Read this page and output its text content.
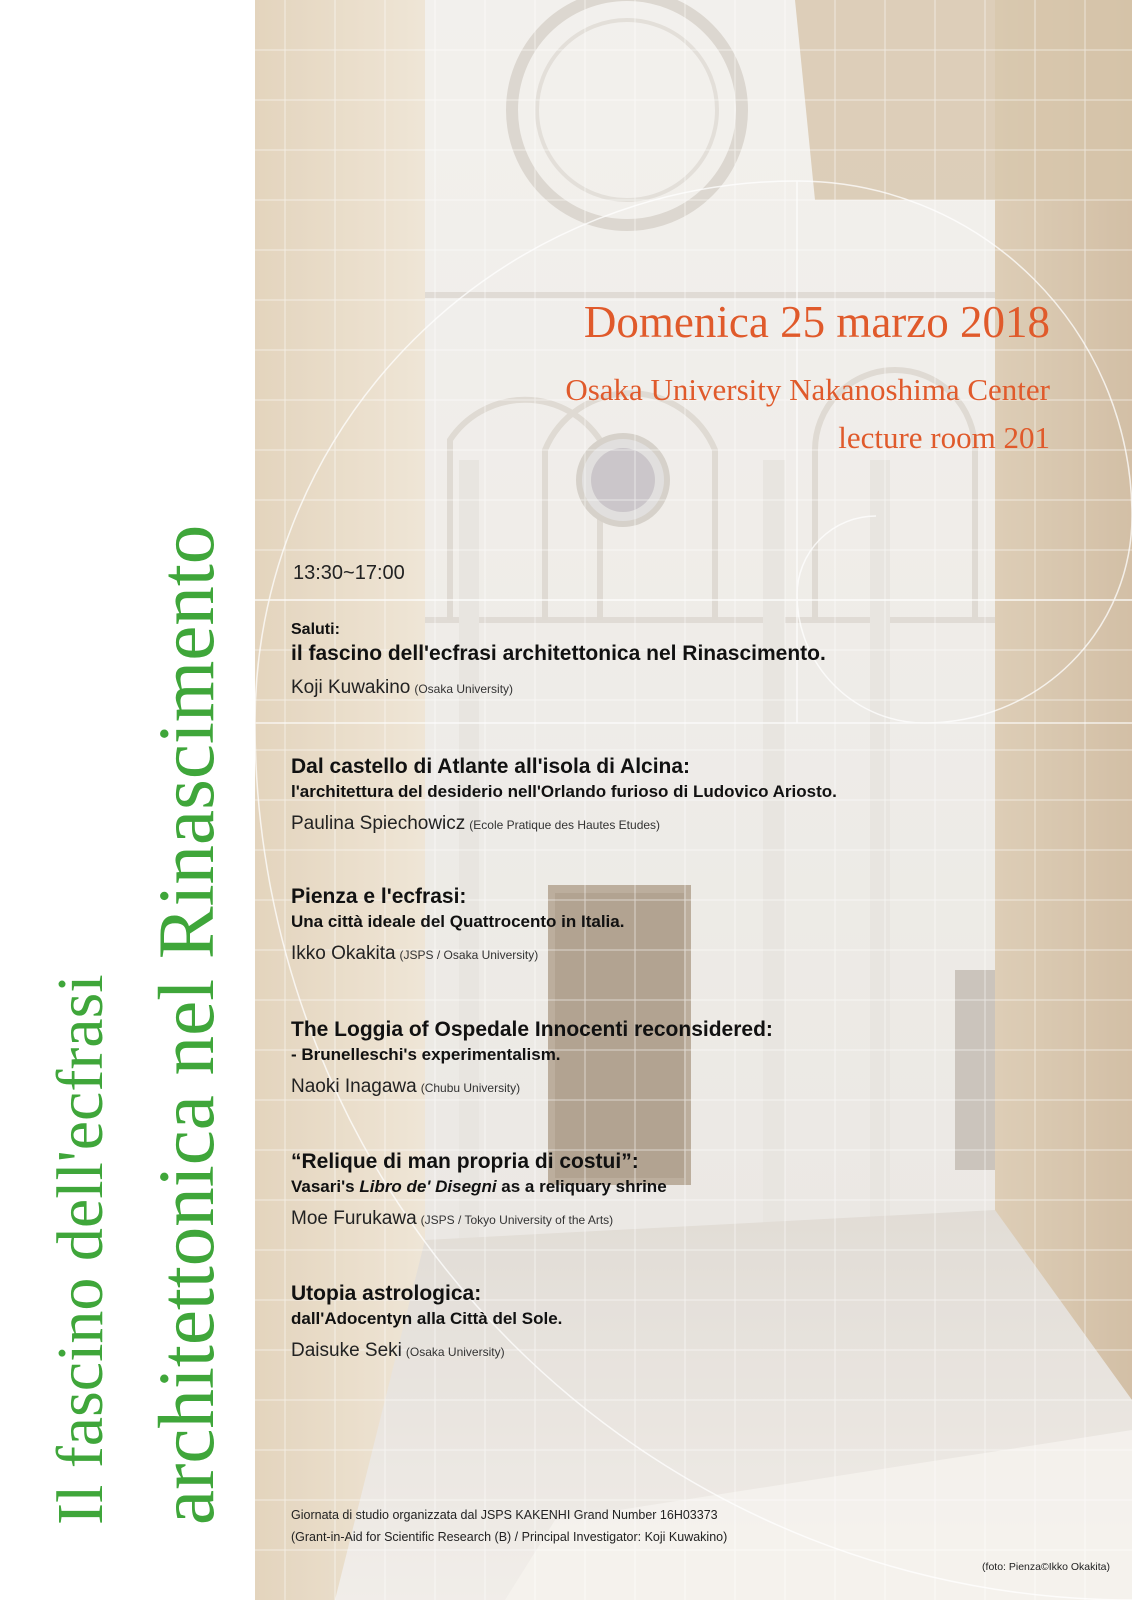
Il fascino dell'ecfrasi architettonica nel Rinascimento
Domenica 25 marzo 2018
Osaka University Nakanoshima Center
lecture room 201
13:30~17:00
Saluti:
il fascino dell'ecfrasi architettonica nel Rinascimento.
Koji Kuwakino (Osaka University)
Dal castello di Atlante all'isola di Alcina:
l'architettura del desiderio nell'Orlando furioso di Ludovico Ariosto.
Paulina Spiechowicz (Ecole Pratique des Hautes Etudes)
Pienza e l'ecfrasi:
Una città ideale del Quattrocento in Italia.
Ikko Okakita (JSPS / Osaka University)
The Loggia of Ospedale Innocenti reconsidered:
- Brunelleschi's experimentalism.
Naoki Inagawa (Chubu University)
“Relique di man propria di costui”:
Vasari's Libro de' Disegni as a reliquary shrine
Moe Furukawa (JSPS / Tokyo University of the Arts)
Utopia astrologica:
dall'Adocentyn alla Città del Sole.
Daisuke Seki (Osaka University)
Giornata di studio organizzata dal JSPS KAKENHI Grand Number 16H03373
(Grant-in-Aid for Scientific Research (B) / Principal Investigator: Koji Kuwakino)
(foto: Pienza©Ikko Okakita)
